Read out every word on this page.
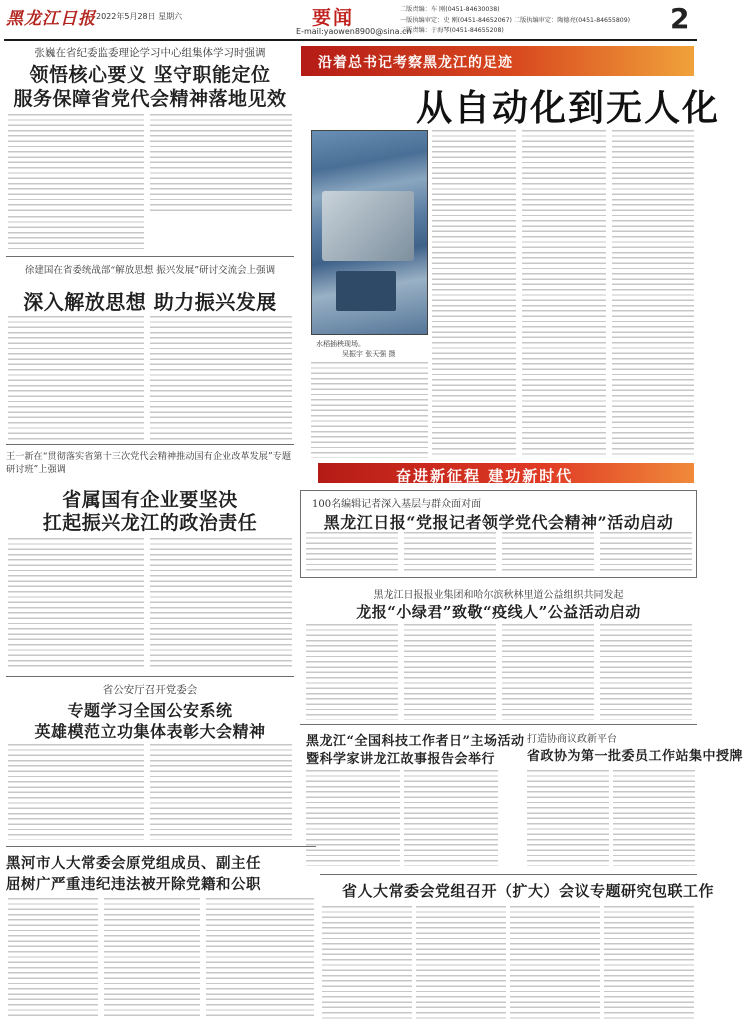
黑龙江日报 2022年5月28日 星期六	要闻
E-mail:yaowen8900@sina.cn
二版责编：车 刚(0451-84630038)
一版执编审定：史 刚(0451-84652067) 二版执编审定：陶德亮(0451-84655809)
二版责编：于海琴(0451-84655208)	2
张巍在省纪委监委理论学习中心组集体学习时强调
领悟核心要义 坚守职能定位
服务保障省党代会精神落地见效
徐建国在省委统战部“解放思想 振兴发展”研讨交流会上强调
深入解放思想 助力振兴发展
王一新在“贯彻落实省第十三次党代会精神推动国有企业改革发展”专题研讨班”上强调
省属国有企业要坚决
扛起振兴龙江的政治责任
省公安厅召开党委会
专题学习全国公安系统
英雄模范立功集体表彰大会精神
黑河市人大常委会原党组成员、副主任
屈树广严重违纪违法被开除党籍和公职
沿着总书记考察黑龙江的足迹
从自动化到无人化
水稻插秧现场。
吴振宇 张天强 摄
奋进新征程 建功新时代
100名编辑记者深入基层与群众面对面
黑龙江日报“党报记者领学党代会精神”活动启动
黑龙江日报报业集团和哈尔滨秋林里道公益组织共同发起
龙报“小绿君”致敬“疫线人”公益活动启动
黑龙江“全国科技工作者日”主场活动
暨科学家讲龙江故事报告会举行
打造协商议政新平台
省政协为第一批委员工作站集中授牌
省人大常委会党组召开（扩大）会议专题研究包联工作
